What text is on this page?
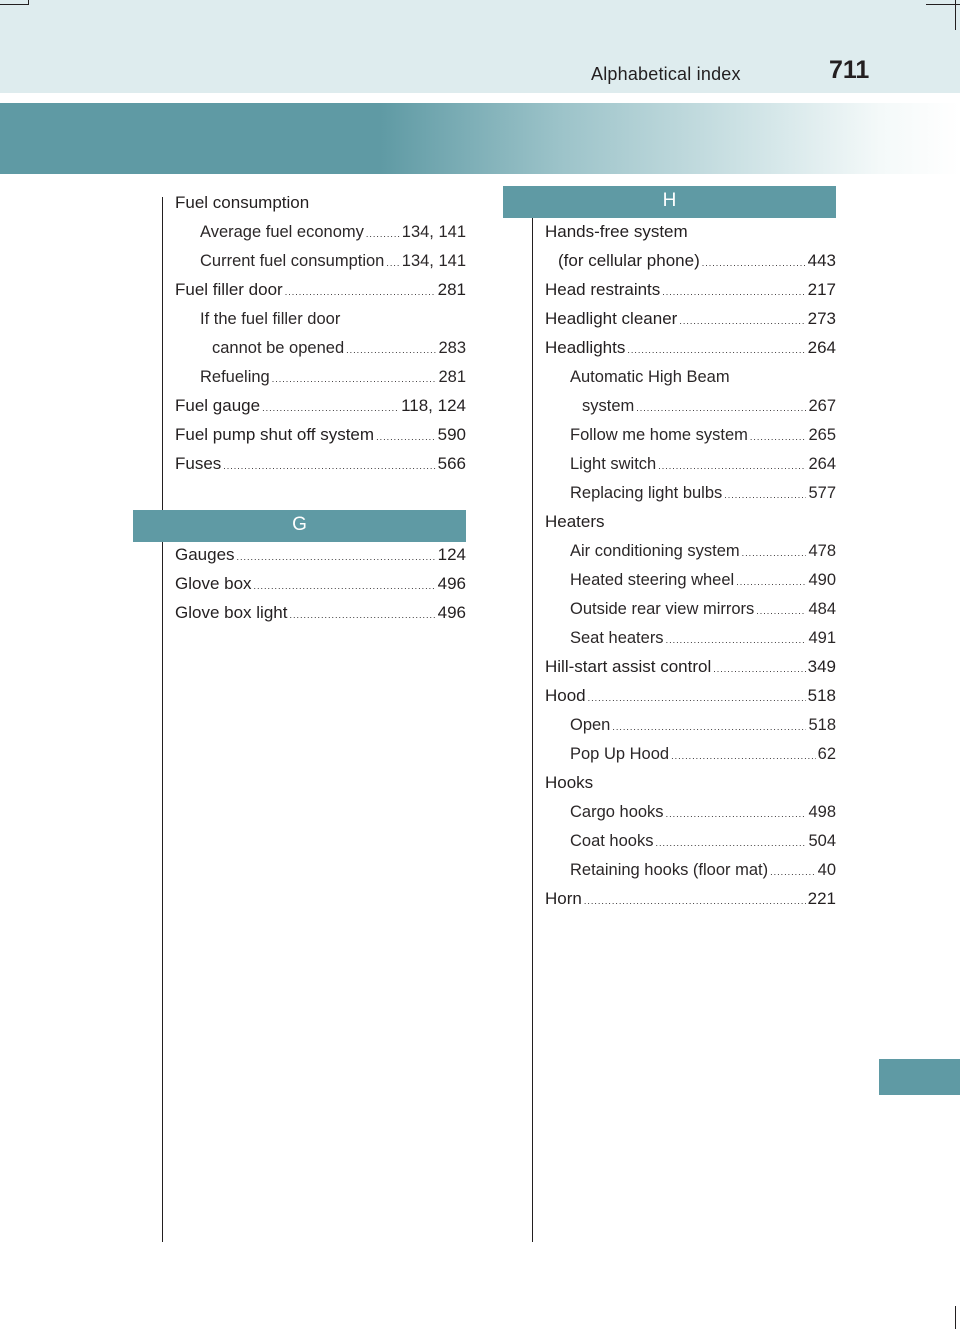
Alphabetical index	711
G
H
Fuel consumption
Average fuel economy ..... 134, 141
Current fuel consumption ..... 134, 141
Fuel filler door .....	281
If the fuel filler door
cannot be opened .....	283
Refueling .....	281
Fuel gauge .....	118, 124
Fuel pump shut off system .....	590
Fuses .....	566
Gauges .....	124
Glove box .....	496
Glove box light .....	496
Hands-free system
(for cellular phone) .....	443
Head restraints .....	217
Headlight cleaner .....	273
Headlights .....	264
Automatic High Beam
system .....	267
Follow me home system .....	265
Light switch .....	264
Replacing light bulbs .....	577
Heaters
Air conditioning system .....	478
Heated steering wheel .....	490
Outside rear view mirrors .....	484
Seat heaters .....	491
Hill-start assist control .....	349
Hood .....	518
Open .....	518
Pop Up Hood .....	62
Hooks
Cargo hooks .....	498
Coat hooks .....	504
Retaining hooks (floor mat) .....	40
Horn .....	221
